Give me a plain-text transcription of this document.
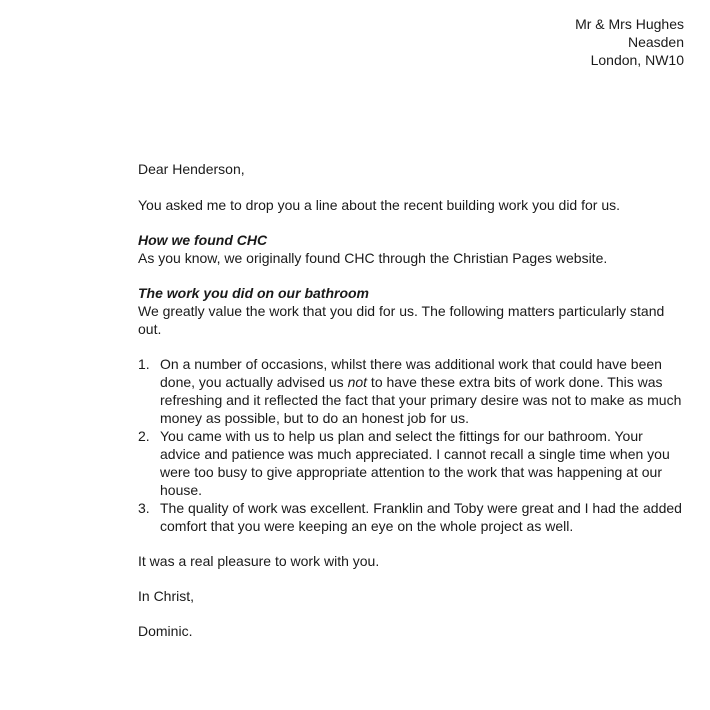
Mr & Mrs Hughes
Neasden
London, NW10

Dear Henderson,

You asked me to drop you a line about the recent building work you did for us.

How we found CHC

As you know, we originally found CHC through the Christian Pages website.

The work you did on our bathroom

We greatly value the work that you did for us. The following matters particularly stand out.

1. On a number of occasions, whilst there was additional work that could have been done, you actually advised us not to have these extra bits of work done. This was refreshing and it reflected the fact that your primary desire was not to make as much money as possible, but to do an honest job for us.
2. You came with us to help us plan and select the fittings for our bathroom. Your advice and patience was much appreciated. I cannot recall a single time when you were too busy to give appropriate attention to the work that was happening at our house.
3. The quality of work was excellent. Franklin and Toby were great and I had the added comfort that you were keeping an eye on the whole project as well.

It was a real pleasure to work with you.

In Christ,

Dominic.
